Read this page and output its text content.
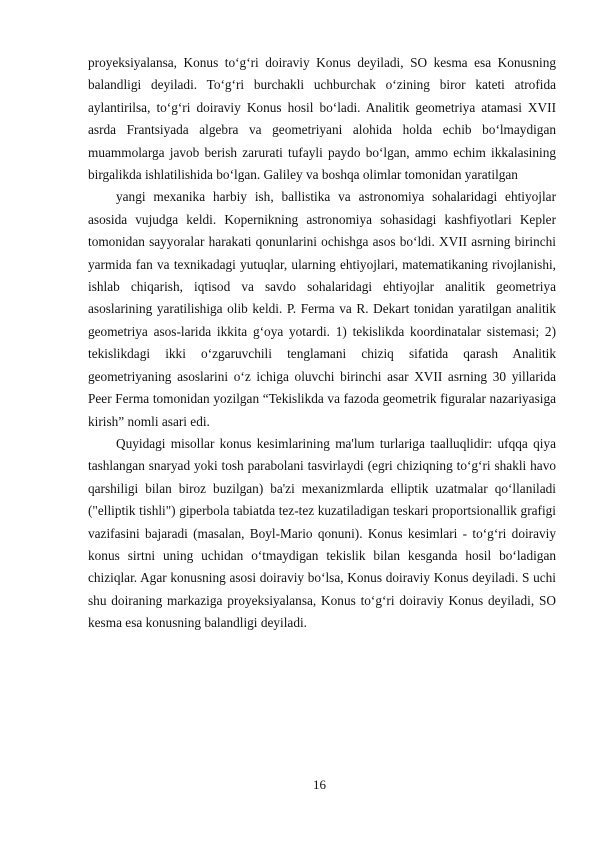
proyeksiyalansa, Konus toʻgʻri doiraviy Konus deyiladi, SO kesma esa Konusning balandligi deyiladi. Toʻgʻri burchakli uchburchak oʻzining biror kateti atrofida aylantirilsa, toʻgʻri doiraviy Konus hosil boʻladi. Analitik geometriya atamasi XVII asrda Frantsiyada algebra va geometriyani alohida holda echib bo‘lmaydigan muammolarga javob berish zarurati tufayli paydo bo‘lgan, ammo echim ikkalasining birgalikda ishlatilishida bo‘lgan. Galiley va boshqa olimlar tomonidan yaratilgan

yangi mexanika harbiy ish, ballistika va astronomiya sohalaridagi ehtiyojlar asosida vujudga keldi. Kopernikning astronomiya sohasidagi kashfiyotlari Kepler tomonidan sayyoralar harakati qonunlarini ochishga asos bo‘ldi. XVII asrning birinchi yarmida fan va texnikadagi yutuqlar, ularning ehtiyojlari, matematikaning rivojlanishi, ishlab chiqarish, iqtisod va savdo sohalaridagi ehtiyojlar analitik geometriya asoslarining yaratilishiga olib keldi. P. Ferma va R. Dekart tonidan yaratilgan analitik geometriya asos-larida ikkita g‘oya yotardi. 1) tekislikda koordinatalar sistemasi; 2) tekislikdagi ikki o‘zgaruvchili tenglamani chiziq sifatida qarash Analitik geometriyaning asoslarini o‘z ichiga oluvchi birinchi asar XVII asrning 30 yillarida Peer Ferma tomonidan yozilgan “Tekislikda va fazoda geometrik figuralar nazariyasiga kirish” nomli asari edi.

Quyidagi misollar konus kesimlarining ma'lum turlariga taalluqlidir: ufqqa qiya tashlangan snaryad yoki tosh parabolani tasvirlaydi (egri chiziqning to‘g‘ri shakli havo qarshiligi bilan biroz buzilgan) ba'zi mexanizmlarda elliptik uzatmalar qo‘llaniladi ("elliptik tishli") giperbola tabiatda tez-tez kuzatiladigan teskari proportsionallik grafigi vazifasini bajaradi (masalan, Boyl-Mario qonuni). Konus kesimlari - toʻgʻri doiraviy konus sirtni uning uchidan oʻtmaydigan tekislik bilan kesganda hosil boʻladigan chiziqlar. Agar konusning asosi doiraviy boʻlsa, Konus doiraviy Konus deyiladi. S uchi shu doiraning markaziga proyeksiyalansa, Konus toʻgʻri doiraviy Konus deyiladi, SO kesma esa konusning balandligi deyiladi.

16
